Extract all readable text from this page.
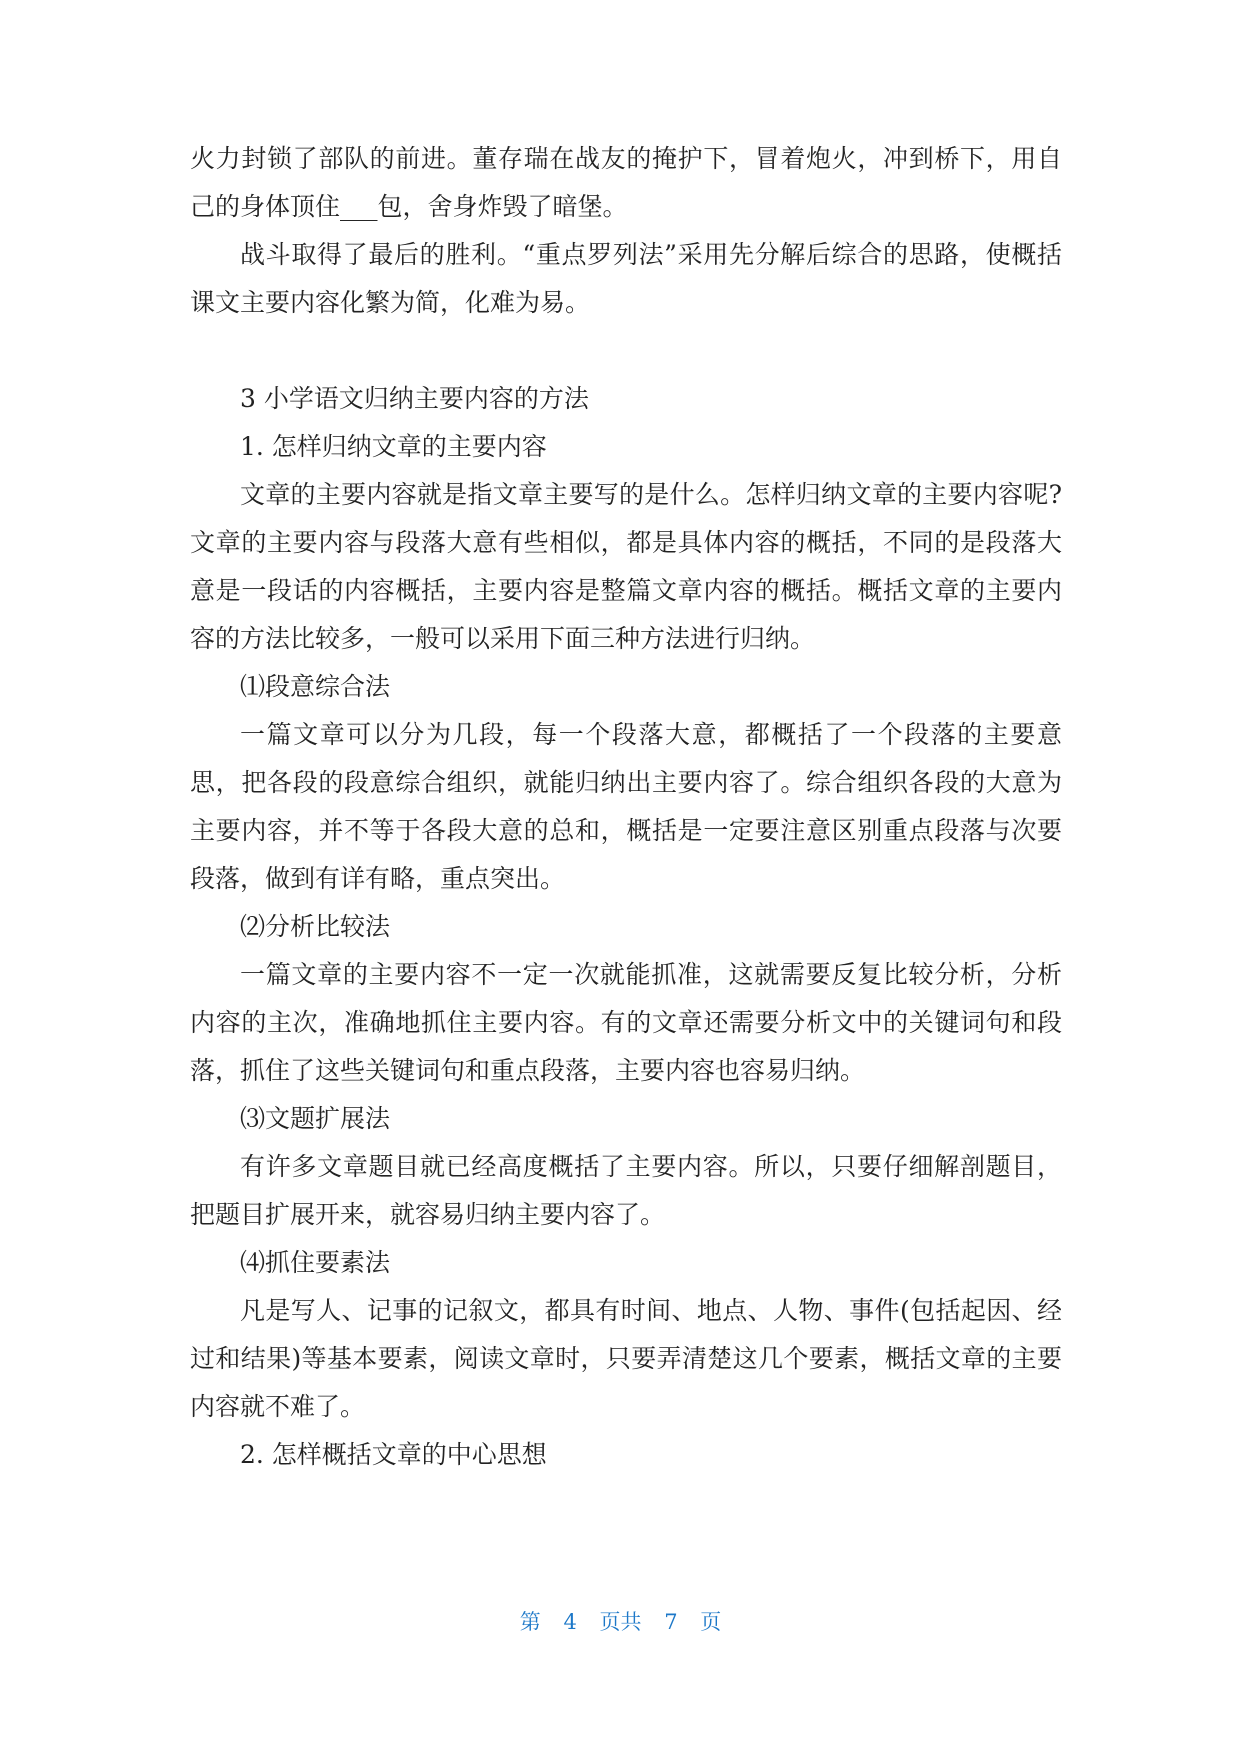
火力封锁了部队的前进。董存瑞在战友的掩护下，冒着炮火，冲到桥下，用自己的身体顶住___包，舍身炸毁了暗堡。

战斗取得了最后的胜利。“重点罗列法”采用先分解后综合的思路，使概括课文主要内容化繁为简，化难为易。

3 小学语文归纳主要内容的方法

1. 怎样归纳文章的主要内容

文章的主要内容就是指文章主要写的是什么。怎样归纳文章的主要内容呢?文章的主要内容与段落大意有些相似，都是具体内容的概括，不同的是段落大意是一段话的内容概括，主要内容是整篇文章内容的概括。概括文章的主要内容的方法比较多，一般可以采用下面三种方法进行归纳。

⑴段意综合法

一篇文章可以分为几段，每一个段落大意，都概括了一个段落的主要意思，把各段的段意综合组织，就能归纳出主要内容了。综合组织各段的大意为主要内容，并不等于各段大意的总和，概括是一定要注意区别重点段落与次要段落，做到有详有略，重点突出。

⑵分析比较法

一篇文章的主要内容不一定一次就能抓准，这就需要反复比较分析，分析内容的主次，准确地抓住主要内容。有的文章还需要分析文中的关键词句和段落，抓住了这些关键词句和重点段落，主要内容也容易归纳。

⑶文题扩展法

有许多文章题目就已经高度概括了主要内容。所以，只要仔细解剖题目，把题目扩展开来，就容易归纳主要内容了。

⑷抓住要素法

凡是写人、记事的记叙文，都具有时间、地点、人物、事件(包括起因、经过和结果)等基本要素，阅读文章时，只要弄清楚这几个要素，概括文章的主要内容就不难了。

2. 怎样概括文章的中心思想

第 4 页共 7 页
